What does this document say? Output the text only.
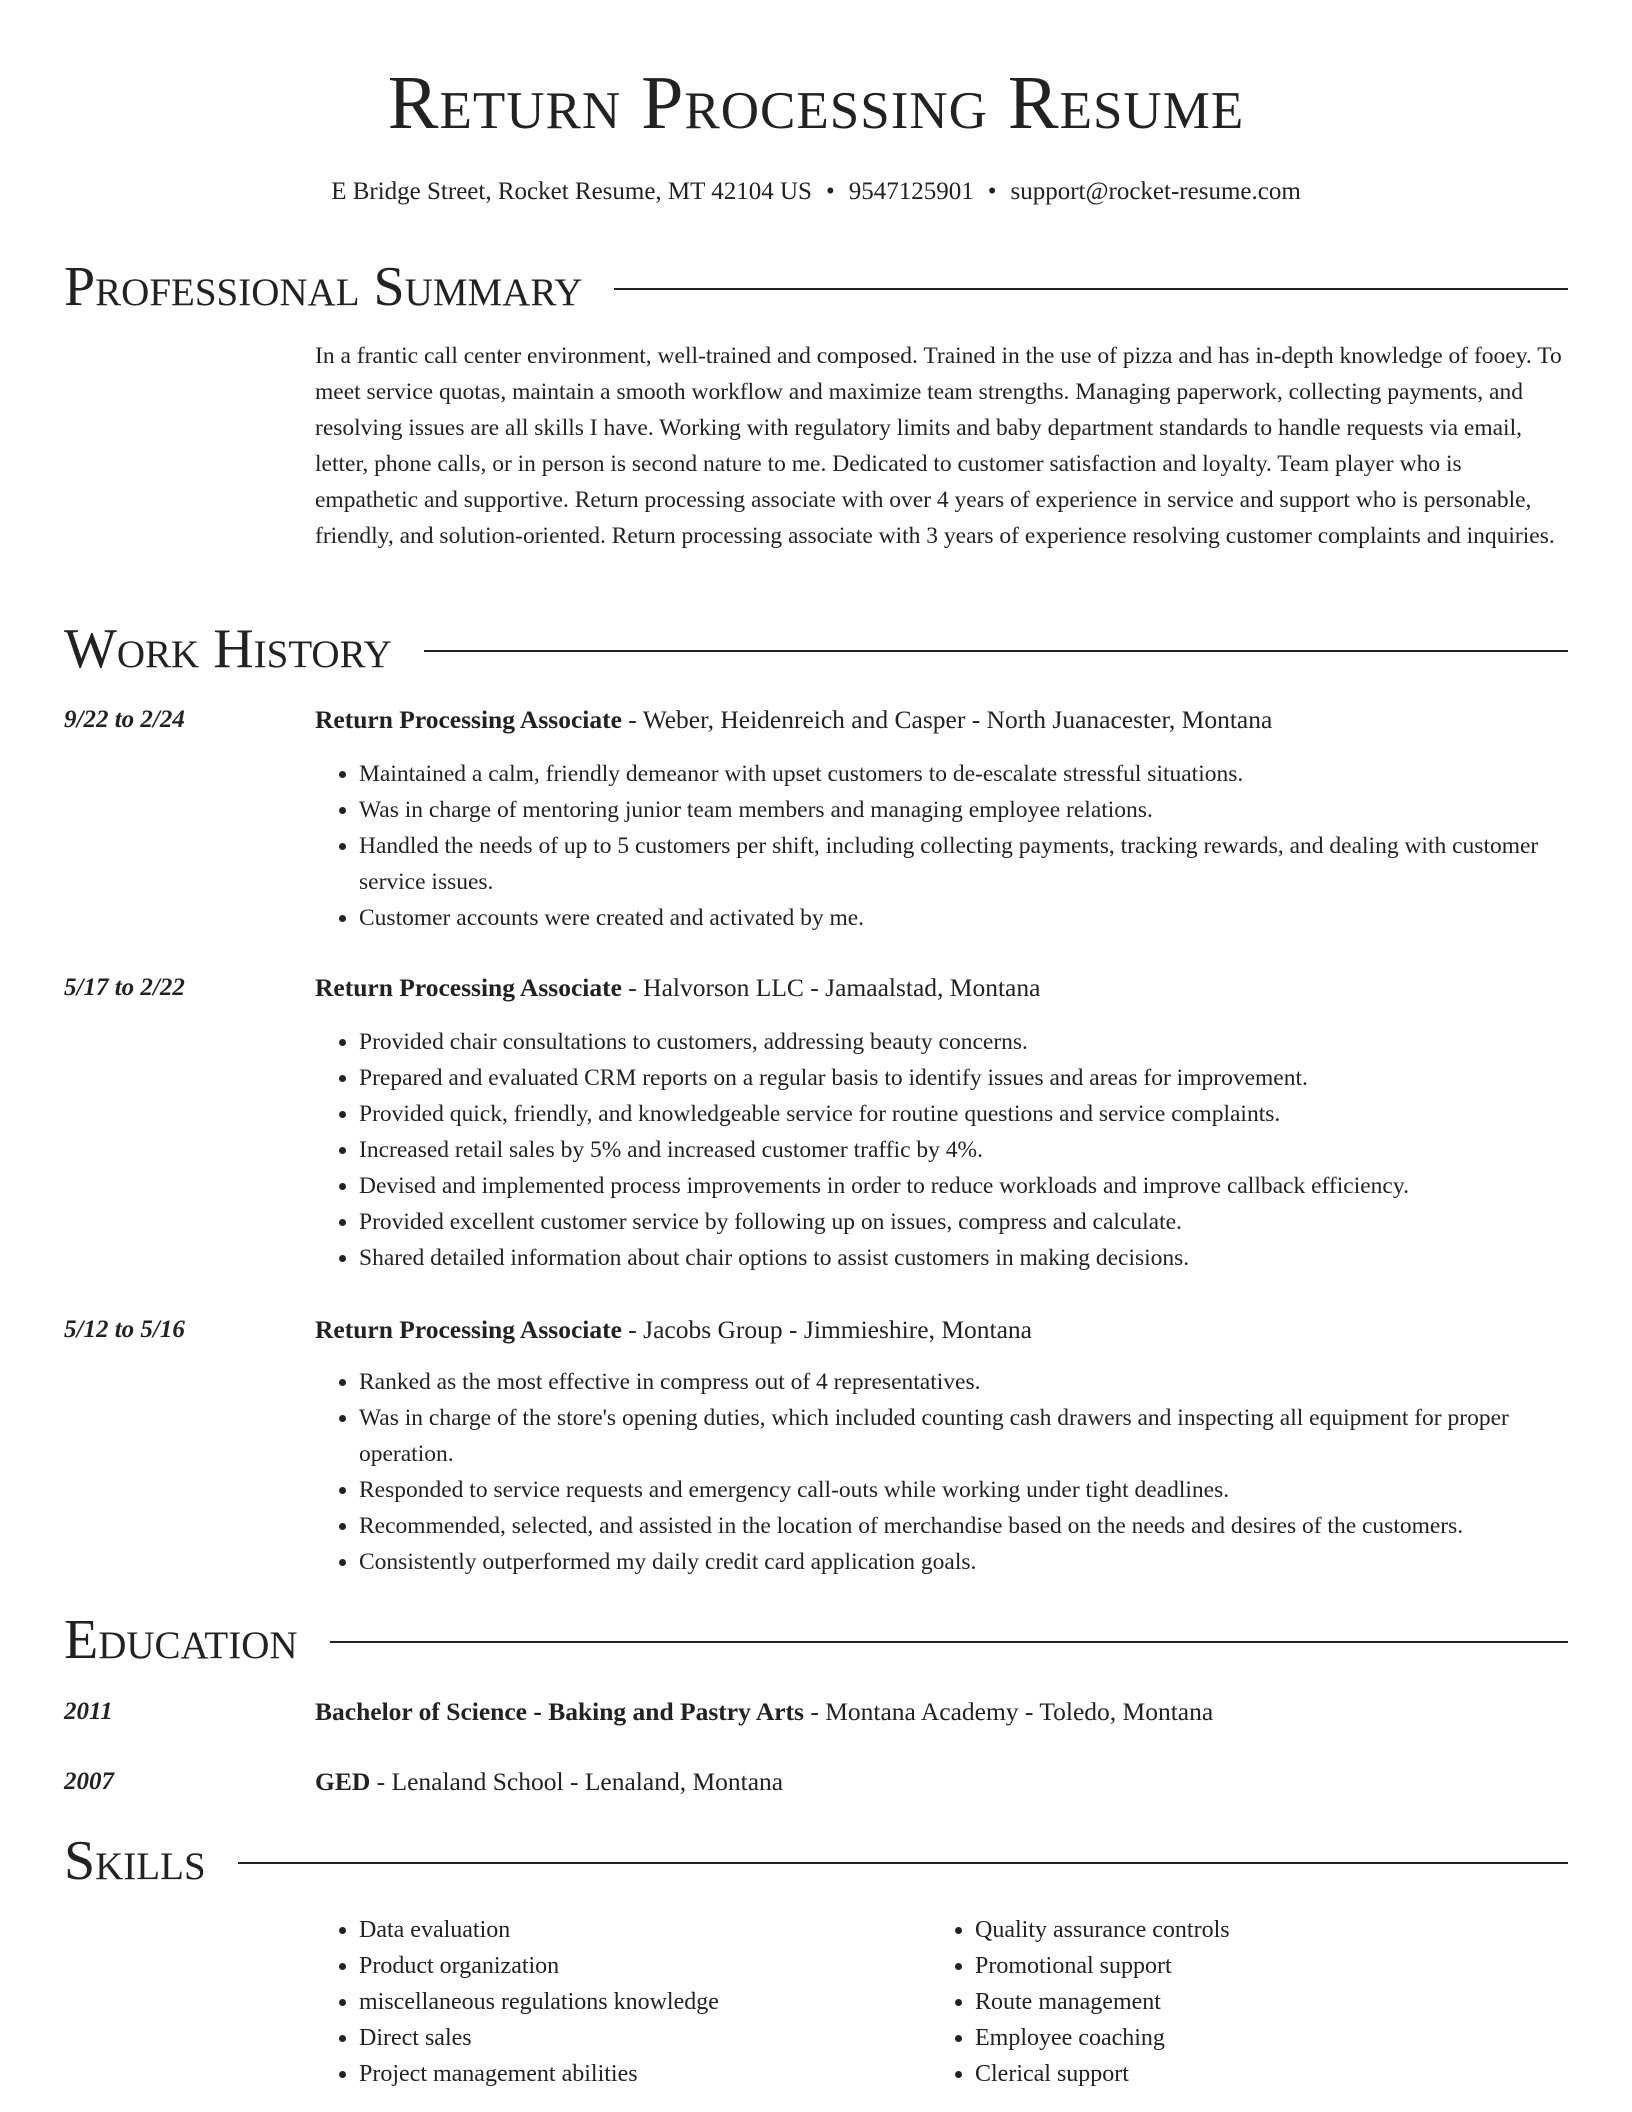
Return Processing Resume
E Bridge Street, Rocket Resume, MT 42104 US • 9547125901 • support@rocket-resume.com
Professional Summary

In a frantic call center environment, well-trained and composed. Trained in the use of pizza and has in-depth knowledge of fooey. To meet service quotas, maintain a smooth workflow and maximize team strengths. Managing paperwork, collecting payments, and resolving issues are all skills I have. Working with regulatory limits and baby department standards to handle requests via email, letter, phone calls, or in person is second nature to me. Dedicated to customer satisfaction and loyalty. Team player who is empathetic and supportive. Return processing associate with over 4 years of experience in service and support who is personable, friendly, and solution-oriented. Return processing associate with 3 years of experience resolving customer complaints and inquiries.

Work History
9/22 to 2/24	Return Processing Associate - Weber, Heidenreich and Casper - North Juanacester, Montana
• Maintained a calm, friendly demeanor with upset customers to de-escalate stressful situations.
• Was in charge of mentoring junior team members and managing employee relations.
• Handled the needs of up to 5 customers per shift, including collecting payments, tracking rewards, and dealing with customer service issues.
• Customer accounts were created and activated by me.
5/17 to 2/22	Return Processing Associate - Halvorson LLC - Jamaalstad, Montana
• Provided chair consultations to customers, addressing beauty concerns.
• Prepared and evaluated CRM reports on a regular basis to identify issues and areas for improvement.
• Provided quick, friendly, and knowledgeable service for routine questions and service complaints.
• Increased retail sales by 5% and increased customer traffic by 4%.
• Devised and implemented process improvements in order to reduce workloads and improve callback efficiency.
• Provided excellent customer service by following up on issues, compress and calculate.
• Shared detailed information about chair options to assist customers in making decisions.
5/12 to 5/16	Return Processing Associate - Jacobs Group - Jimmieshire, Montana
• Ranked as the most effective in compress out of 4 representatives.
• Was in charge of the store's opening duties, which included counting cash drawers and inspecting all equipment for proper operation.
• Responded to service requests and emergency call-outs while working under tight deadlines.
• Recommended, selected, and assisted in the location of merchandise based on the needs and desires of the customers.
• Consistently outperformed my daily credit card application goals.
Education
2011	Bachelor of Science - Baking and Pastry Arts - Montana Academy - Toledo, Montana
2007	GED - Lenaland School - Lenaland, Montana
Skills
• Data evaluation
• Product organization
• miscellaneous regulations knowledge
• Direct sales
• Project management abilities
• Quality assurance controls
• Promotional support
• Route management
• Employee coaching
• Clerical support
